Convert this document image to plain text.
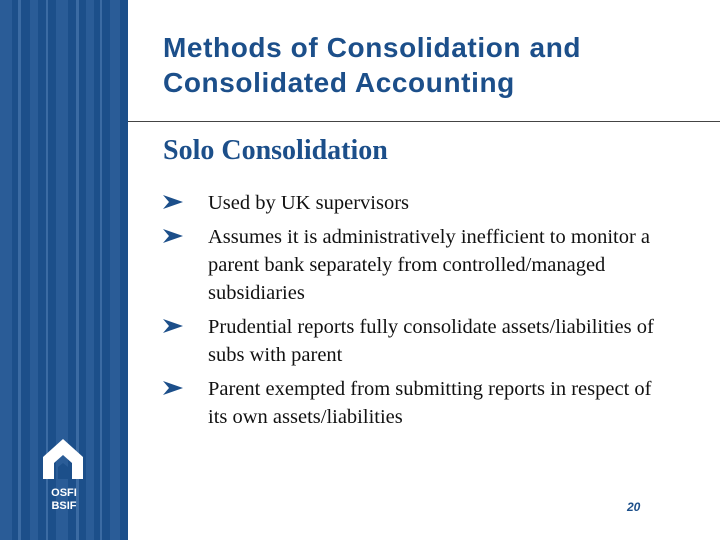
OSFI
BSIF
Methods of Consolidation and Consolidated Accounting
Solo Consolidation
Used by UK supervisors
Assumes it is administratively inefficient to monitor a parent bank separately from controlled/managed subsidiaries
Prudential reports fully consolidate assets/liabilities of subs with parent
Parent exempted from submitting reports in respect of its own assets/liabilities
20
